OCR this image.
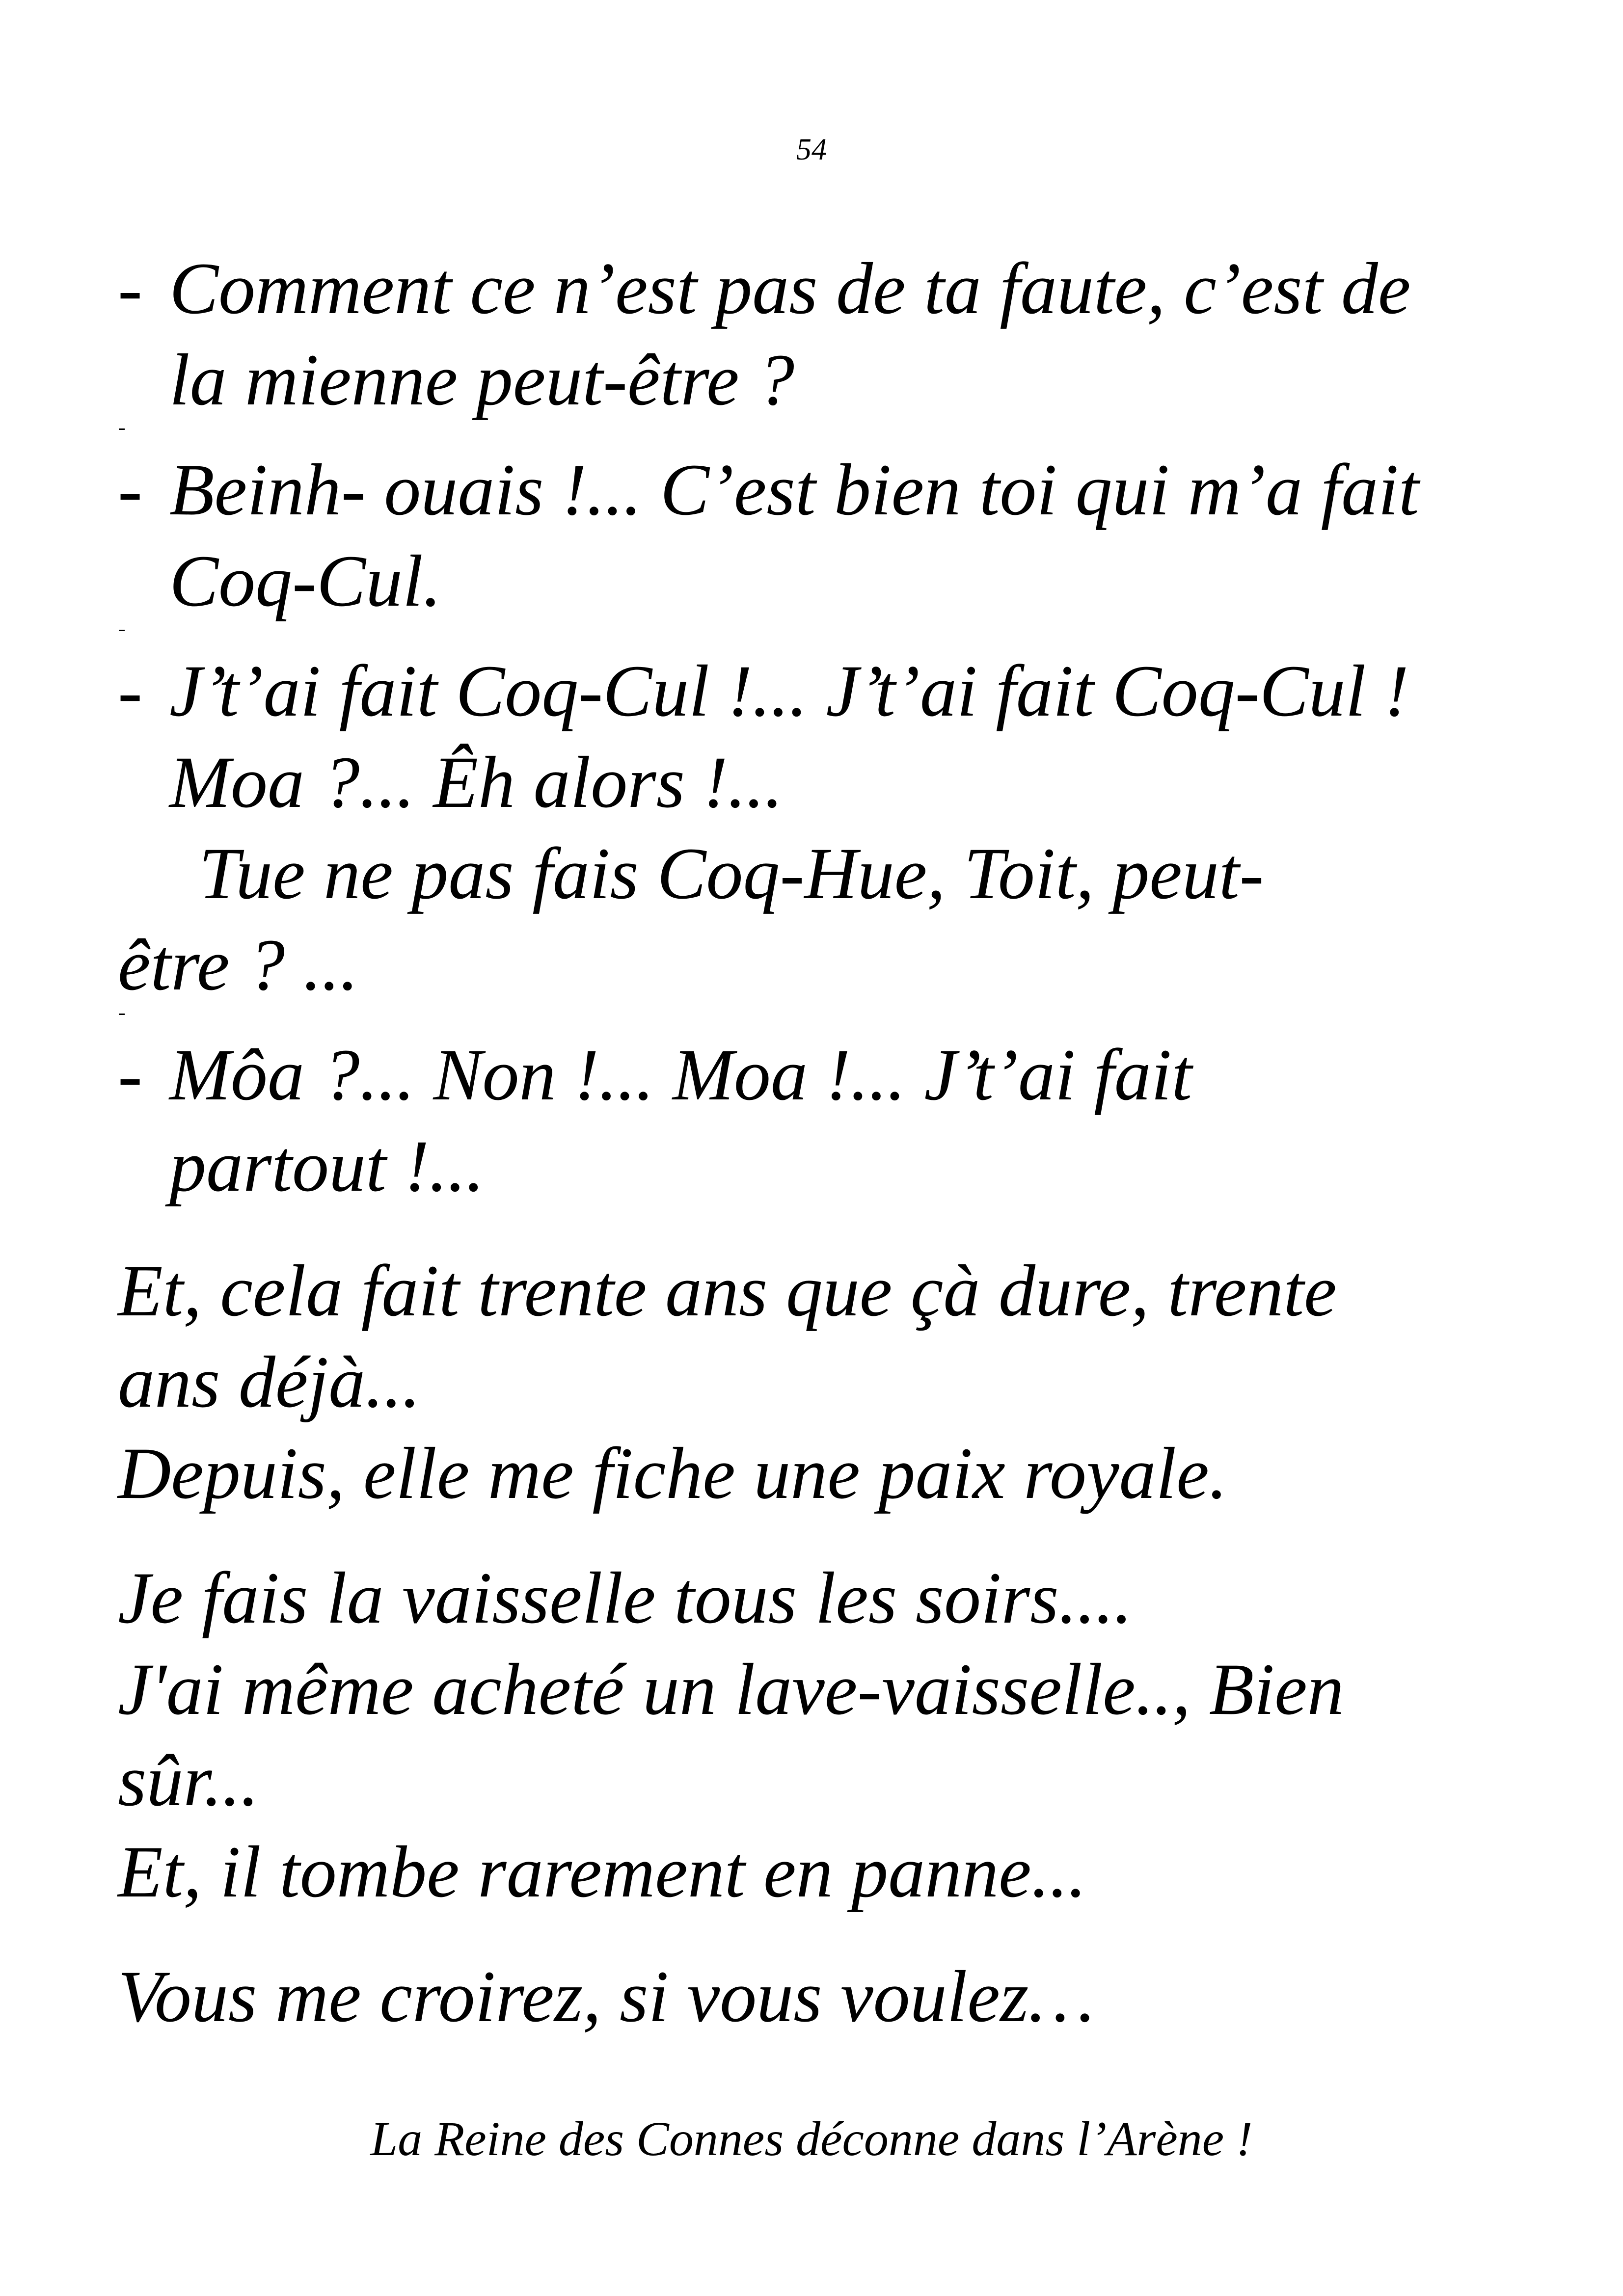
54
- Comment ce n’est pas de ta faute, c’est de
la mienne peut-être ?
- Beinh- ouais !... C’est bien toi qui m’a fait
Coq-Cul.
- J’t’ai fait Coq-Cul !... J’t’ai fait Coq-Cul !
Moa ?... Êh alors !...
Tue ne pas fais Coq-Hue, Toit, peut-
être ? ...
- Môa ?... Non !... Moa !... J’t’ai fait
partout !...
Et, cela fait trente ans que çà dure, trente
ans déjà...
Depuis, elle me fiche une paix royale.
Je fais la vaisselle tous les soirs....
J'ai même acheté un lave-vaisselle.., Bien
sûr...
Et, il tombe rarement en panne...
Vous me croirez, si vous voulez…
La Reine des Connes déconne dans l’Arène !
